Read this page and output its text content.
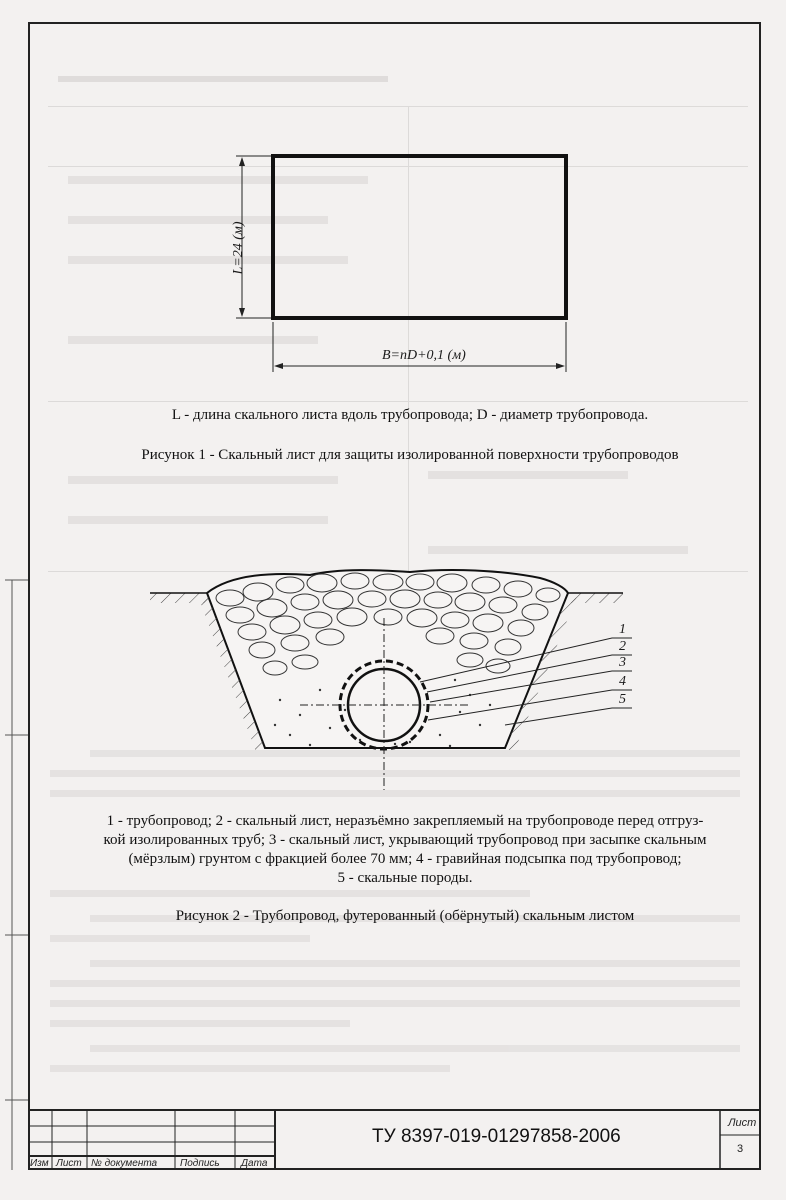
L=24 (м)
B=пD+0,1 (м)
L - длина скального листа вдоль трубопровода; D - диаметр трубопровода.
Рисунок 1 - Скальный лист для защиты изолированной поверхности трубопроводов
1
2
3
4
5
1 - трубопровод; 2 - скальный лист, неразъёмно закрепляемый на трубопроводе перед отгруз-
кой изолированных труб; 3 - скальный лист, укрывающий трубопровод при засыпке скальным
(мёрзлым) грунтом с фракцией более 70 мм; 4 - гравийная подсыпка под трубопровод;
5 - скальные породы.
Рисунок 2 - Трубопровод, футерованный (обёрнутый) скальным листом
Изм Лист № документа Подпись Дата
ТУ 8397-019-01297858-2006
Лист
3
